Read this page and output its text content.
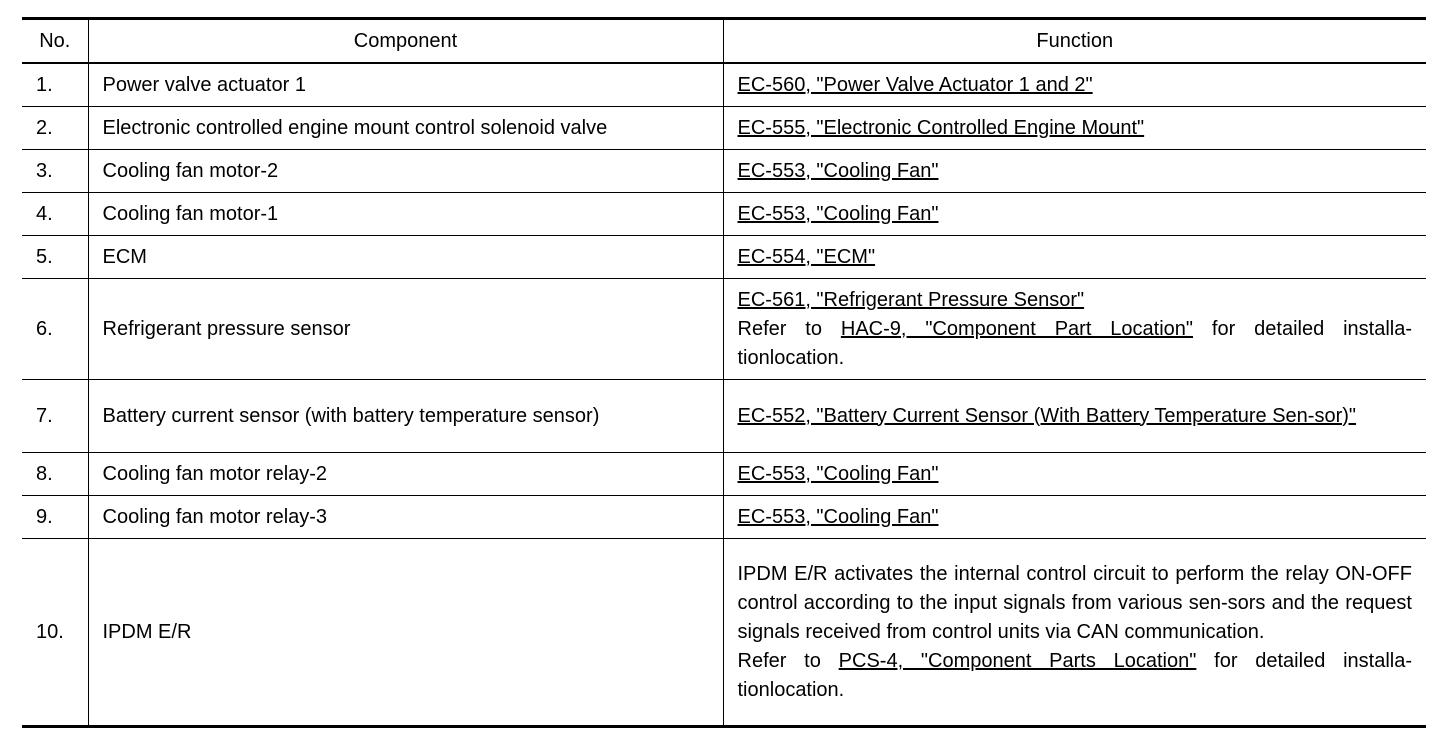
No.	Component	Function
1.	Power valve actuator 1	EC-560, "Power Valve Actuator 1 and 2"
2.	Electronic controlled engine mount control solenoid valve	EC-555, "Electronic Controlled Engine Mount"
3.	Cooling fan motor-2	EC-553, "Cooling Fan"
4.	Cooling fan motor-1	EC-553, "Cooling Fan"
5.	ECM	EC-554, "ECM"
6.	Refrigerant pressure sensor	EC-561, "Refrigerant Pressure Sensor"
Refer to HAC-9, "Component Part Location" for detailed installa-tionlocation.
7.	Battery current sensor (with battery temperature sensor)	EC-552, "Battery Current Sensor (With Battery Temperature Sen-sor)"
8.	Cooling fan motor relay-2	EC-553, "Cooling Fan"
9.	Cooling fan motor relay-3	EC-553, "Cooling Fan"
10.	IPDM E/R	IPDM E/R activates the internal control circuit to perform the relay ON-OFF control according to the input signals from various sen-sors and the request signals received from control units via CAN communication.
Refer to PCS-4, "Component Parts Location" for detailed installa-tionlocation.
